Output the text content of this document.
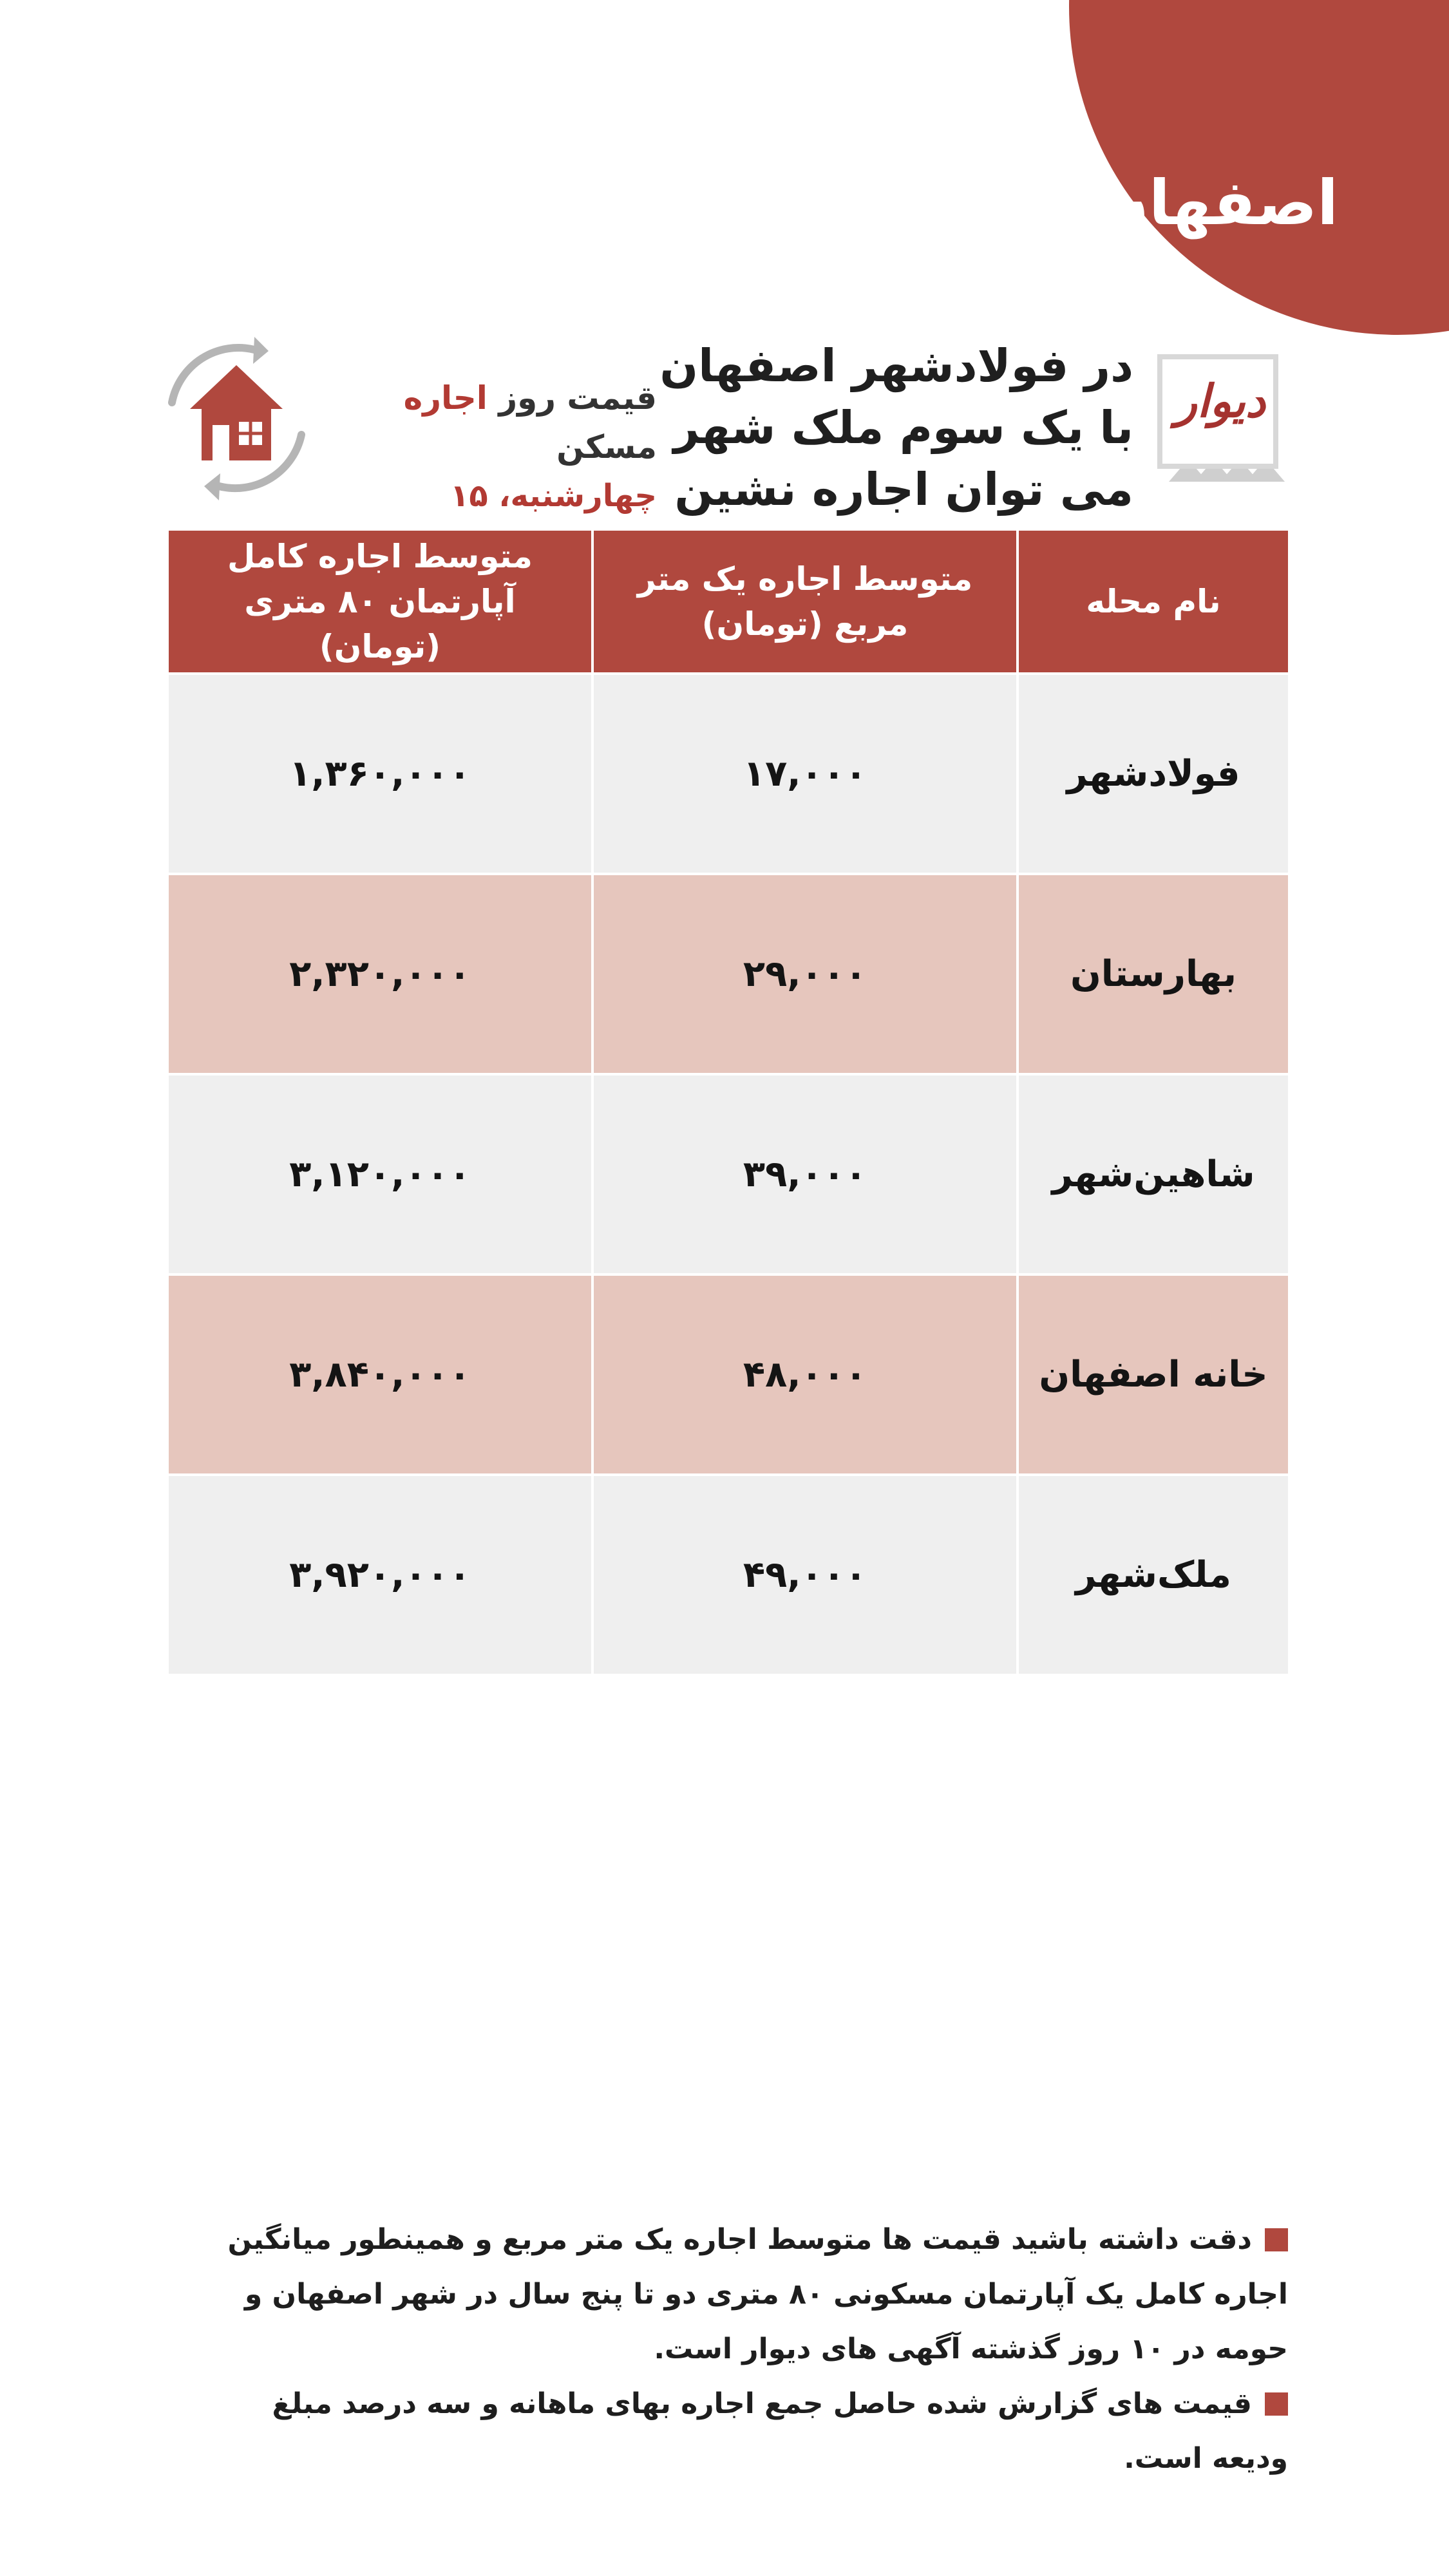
اصفهان
دیوار
در فولادشهر اصفهان با یک سوم ملک شهر می توان اجاره نشین
قیمت روز اجاره مسکن
چهارشنبه، ۱۵
متوسط اجاره کامل آپارتمان ۸۰ متری (تومان)	متوسط اجاره یک متر مربع (تومان)	نام محله
۱,۳۶۰,۰۰۰	۱۷,۰۰۰	فولادشهر
۲,۳۲۰,۰۰۰	۲۹,۰۰۰	بهارستان
۳,۱۲۰,۰۰۰	۳۹,۰۰۰	شاهین‌شهر
۳,۸۴۰,۰۰۰	۴۸,۰۰۰	خانه اصفهان
۳,۹۲۰,۰۰۰	۴۹,۰۰۰	ملک‌شهر
دقت داشته باشید قیمت ها متوسط اجاره یک متر مربع و همینطور میانگین اجاره کامل یک آپارتمان مسکونی ۸۰ متری دو تا پنج سال در شهر اصفهان و حومه در ۱۰ روز گذشته آگهی های دیوار است.
قیمت های گزارش شده حاصل جمع اجاره بهای ماهانه و سه درصد مبلغ ودیعه است.
